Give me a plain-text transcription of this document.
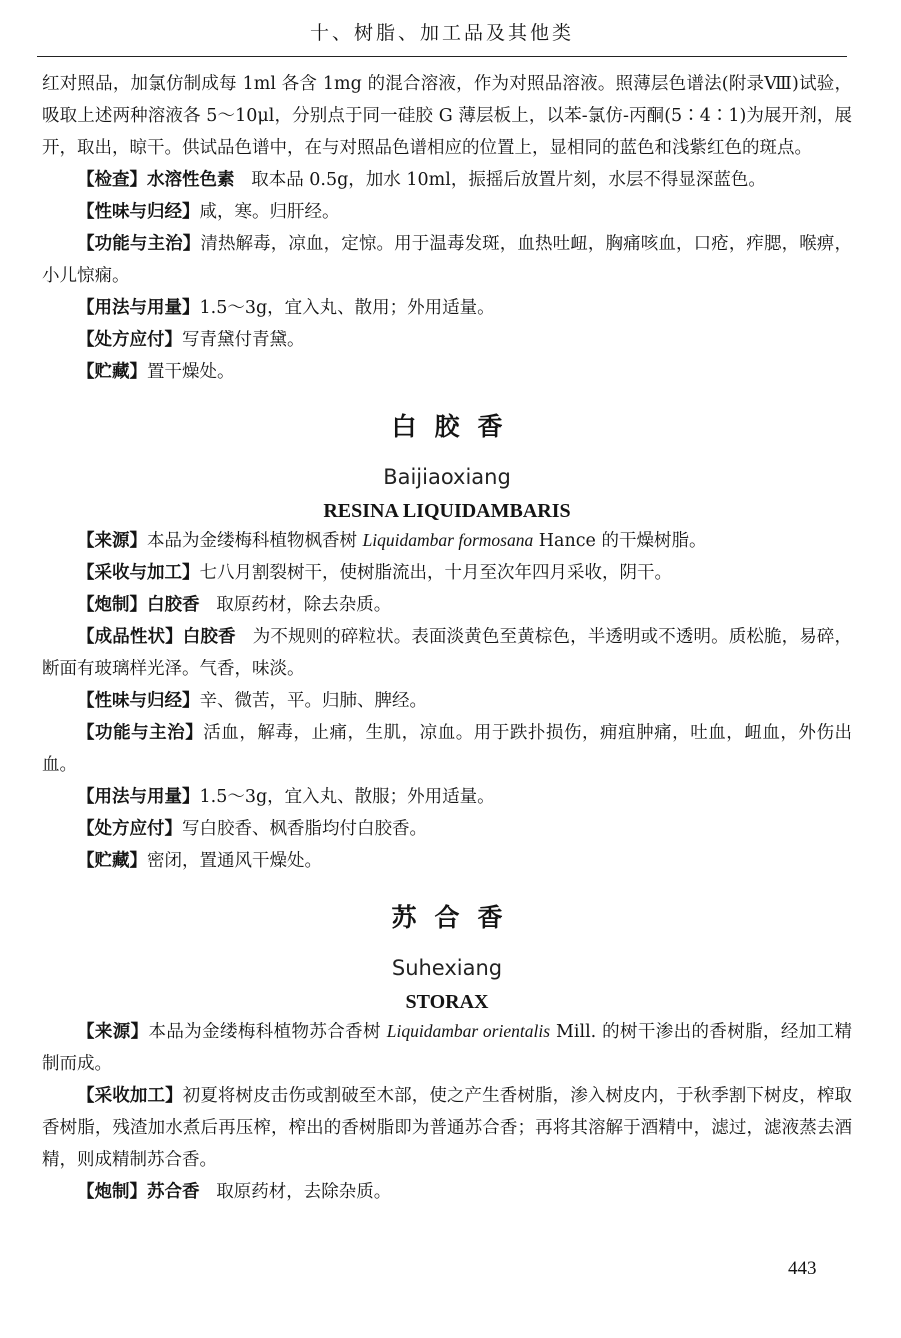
十、树脂、加工品及其他类

红对照品，加氯仿制成每 1ml 各含 1mg 的混合溶液，作为对照品溶液。照薄层色谱法(附录Ⅷ)试验，吸取上述两种溶液各 5～10μl，分别点于同一硅胶 G 薄层板上，以苯-氯仿-丙酮(5∶4∶1)为展开剂，展开，取出，晾干。供试品色谱中，在与对照品色谱相应的位置上，显相同的蓝色和浅紫红色的斑点。

【检查】水溶性色素 取本品 0.5g，加水 10ml，振摇后放置片刻，水层不得显深蓝色。

【性味与归经】咸，寒。归肝经。

【功能与主治】清热解毒，凉血，定惊。用于温毒发斑，血热吐衄，胸痛咳血，口疮，痄腮，喉痹，小儿惊痫。

【用法与用量】1.5～3g，宜入丸、散用；外用适量。

【处方应付】写青黛付青黛。

【贮藏】置干燥处。

白胶香
Baijiaoxiang
RESINA LIQUIDAMBARIS

【来源】本品为金缕梅科植物枫香树 Liquidambar formosana Hance 的干燥树脂。

【采收与加工】七八月割裂树干，使树脂流出，十月至次年四月采收，阴干。

【炮制】白胶香 取原药材，除去杂质。

【成品性状】白胶香 为不规则的碎粒状。表面淡黄色至黄棕色，半透明或不透明。质松脆，易碎，断面有玻璃样光泽。气香，味淡。

【性味与归经】辛、微苦，平。归肺、脾经。

【功能与主治】活血，解毒，止痛，生肌，凉血。用于跌扑损伤，痈疽肿痛，吐血，衄血，外伤出血。

【用法与用量】1.5～3g，宜入丸、散服；外用适量。

【处方应付】写白胶香、枫香脂均付白胶香。

【贮藏】密闭，置通风干燥处。

苏合香
Suhexiang
STORAX

【来源】本品为金缕梅科植物苏合香树 Liquidambar orientalis Mill. 的树干渗出的香树脂，经加工精制而成。

【采收加工】初夏将树皮击伤或割破至木部，使之产生香树脂，渗入树皮内，于秋季割下树皮，榨取香树脂，残渣加水煮后再压榨，榨出的香树脂即为普通苏合香；再将其溶解于酒精中，滤过，滤液蒸去酒精，则成精制苏合香。

【炮制】苏合香 取原药材，去除杂质。

443
